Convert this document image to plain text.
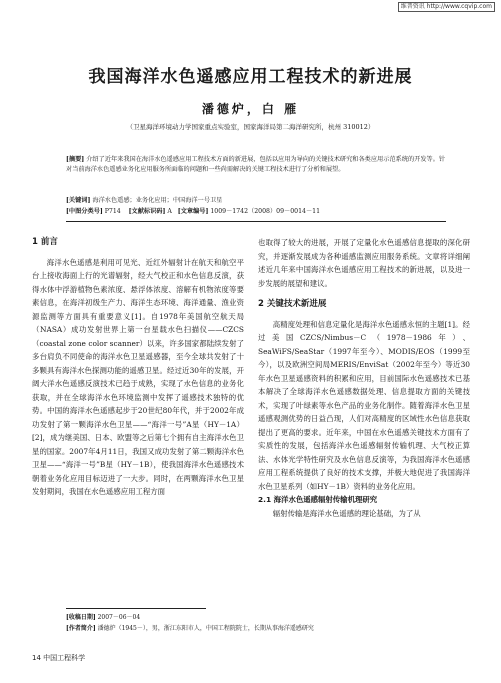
维普资讯 http://www.cqvip.com
我国海洋水色遥感应用工程技术的新进展
潘德炉，白 雁
（卫星海洋环境动力学国家重点实验室，国家海洋局第二海洋研究所，杭州 310012）
[摘要] 介绍了近年来我国在海洋水色遥感应用工程技术方面的新进展，包括以应用为导向的关键技术研究和各类应用示范系统的开发等。针对当前海洋水色遥感业务化应用服务所面临的问题和一些尚需解决的关键工程技术进行了分析和展望。
[关键词] 海洋水色遥感；业务化应用；中国海洋一号卫星
[中图分类号] P714 [文献标识码] A [文章编号] 1009－1742（2008）09－0014－11
1 前言

海洋水色遥感是利用可见光、近红外辐射计在航天和航空平台上接收海面上行的光谱辐射，经大气校正和水色信息反演，获得水体中浮游植物色素浓度、悬浮体浓度、溶解有机物浓度等要素信息，在海洋初级生产力、海洋生态环境、海洋通量、渔业资源监测等方面具有重要意义[1]。自1978年美国航空航天局（NASA）成功发射世界上第一台星载水色扫描仪——CZCS（coastal zone color scanner）以来，许多国家都陆续发射了多台肩负不同使命的海洋水色卫星遥感器，至今全球共发射了十多颗具有海洋水色探测功能的遥感卫星。经过近30年的发展，开阔大洋水色遥感反演技术已趋于成熟，实现了水色信息的业务化获取，并在全球海洋水色环境监测中发挥了遥感技术独特的优势。中国的海洋水色遥感起步于20世纪80年代，并于2002年成功发射了第一颗海洋水色卫星——“海洋一号”A星（HY－1A）[2]，成为继美国、日本、欧盟等之后第七个拥有自主海洋水色卫星的国家。2007年4月11日，我国又成功发射了第二颗海洋水色卫星——“海洋一号”B星（HY－1B），使我国海洋水色遥感技术朝着业务化应用目标迈进了一大步。同时，在两颗海洋水色卫星发射期间，我国在水色遥感应用工程方面

也取得了较大的进展，开展了定量化水色遥感信息提取的深化研究，并逐渐发展成为各种遥感监测应用服务系统。文章将详细阐述近几年来中国海洋水色遥感应用工程技术的新进展，以及进一步发展的展望和建议。

2 关键技术新进展

高精度处理和信息定量化是海洋水色遥感永恒的主题[1]。经过美国CZCS/Nimbus－C（1978－1986年）、SeaWiFS/SeaStar（1997年至今）、MODIS/EOS（1999至今），以及欧洲空间局MERIS/EnviSat（2002年至今）等近30年水色卫星遥感资料的积累和应用，目前国际水色遥感技术已基本解决了全球海洋水色遥感数据处理、信息提取方面的关键技术，实现了叶绿素等水色产品的业务化制作。随着海洋水色卫星遥感观测优势的日益凸现，人们对高精度的区域性水色信息获取提出了更高的要求。近年来，中国在水色遥感关键技术方面有了实质性的发展，包括海洋水色遥感辐射传输机理、大气校正算法、水体光学特性研究及水色信息反演等，为我国海洋水色遥感应用工程系统提供了良好的技术支撑，并极大地促进了我国海洋水色卫星系列（如HY－1B）资料的业务化应用。

2.1 海洋水色遥感辐射传输机理研究

辐射传输是海洋水色遥感的理论基础，为了从

[收稿日期] 2007－06－04
[作者简介] 潘德炉（1945－），男，浙江东阳市人，中国工程院院士，长期从事海洋遥感研究
14 中国工程科学
